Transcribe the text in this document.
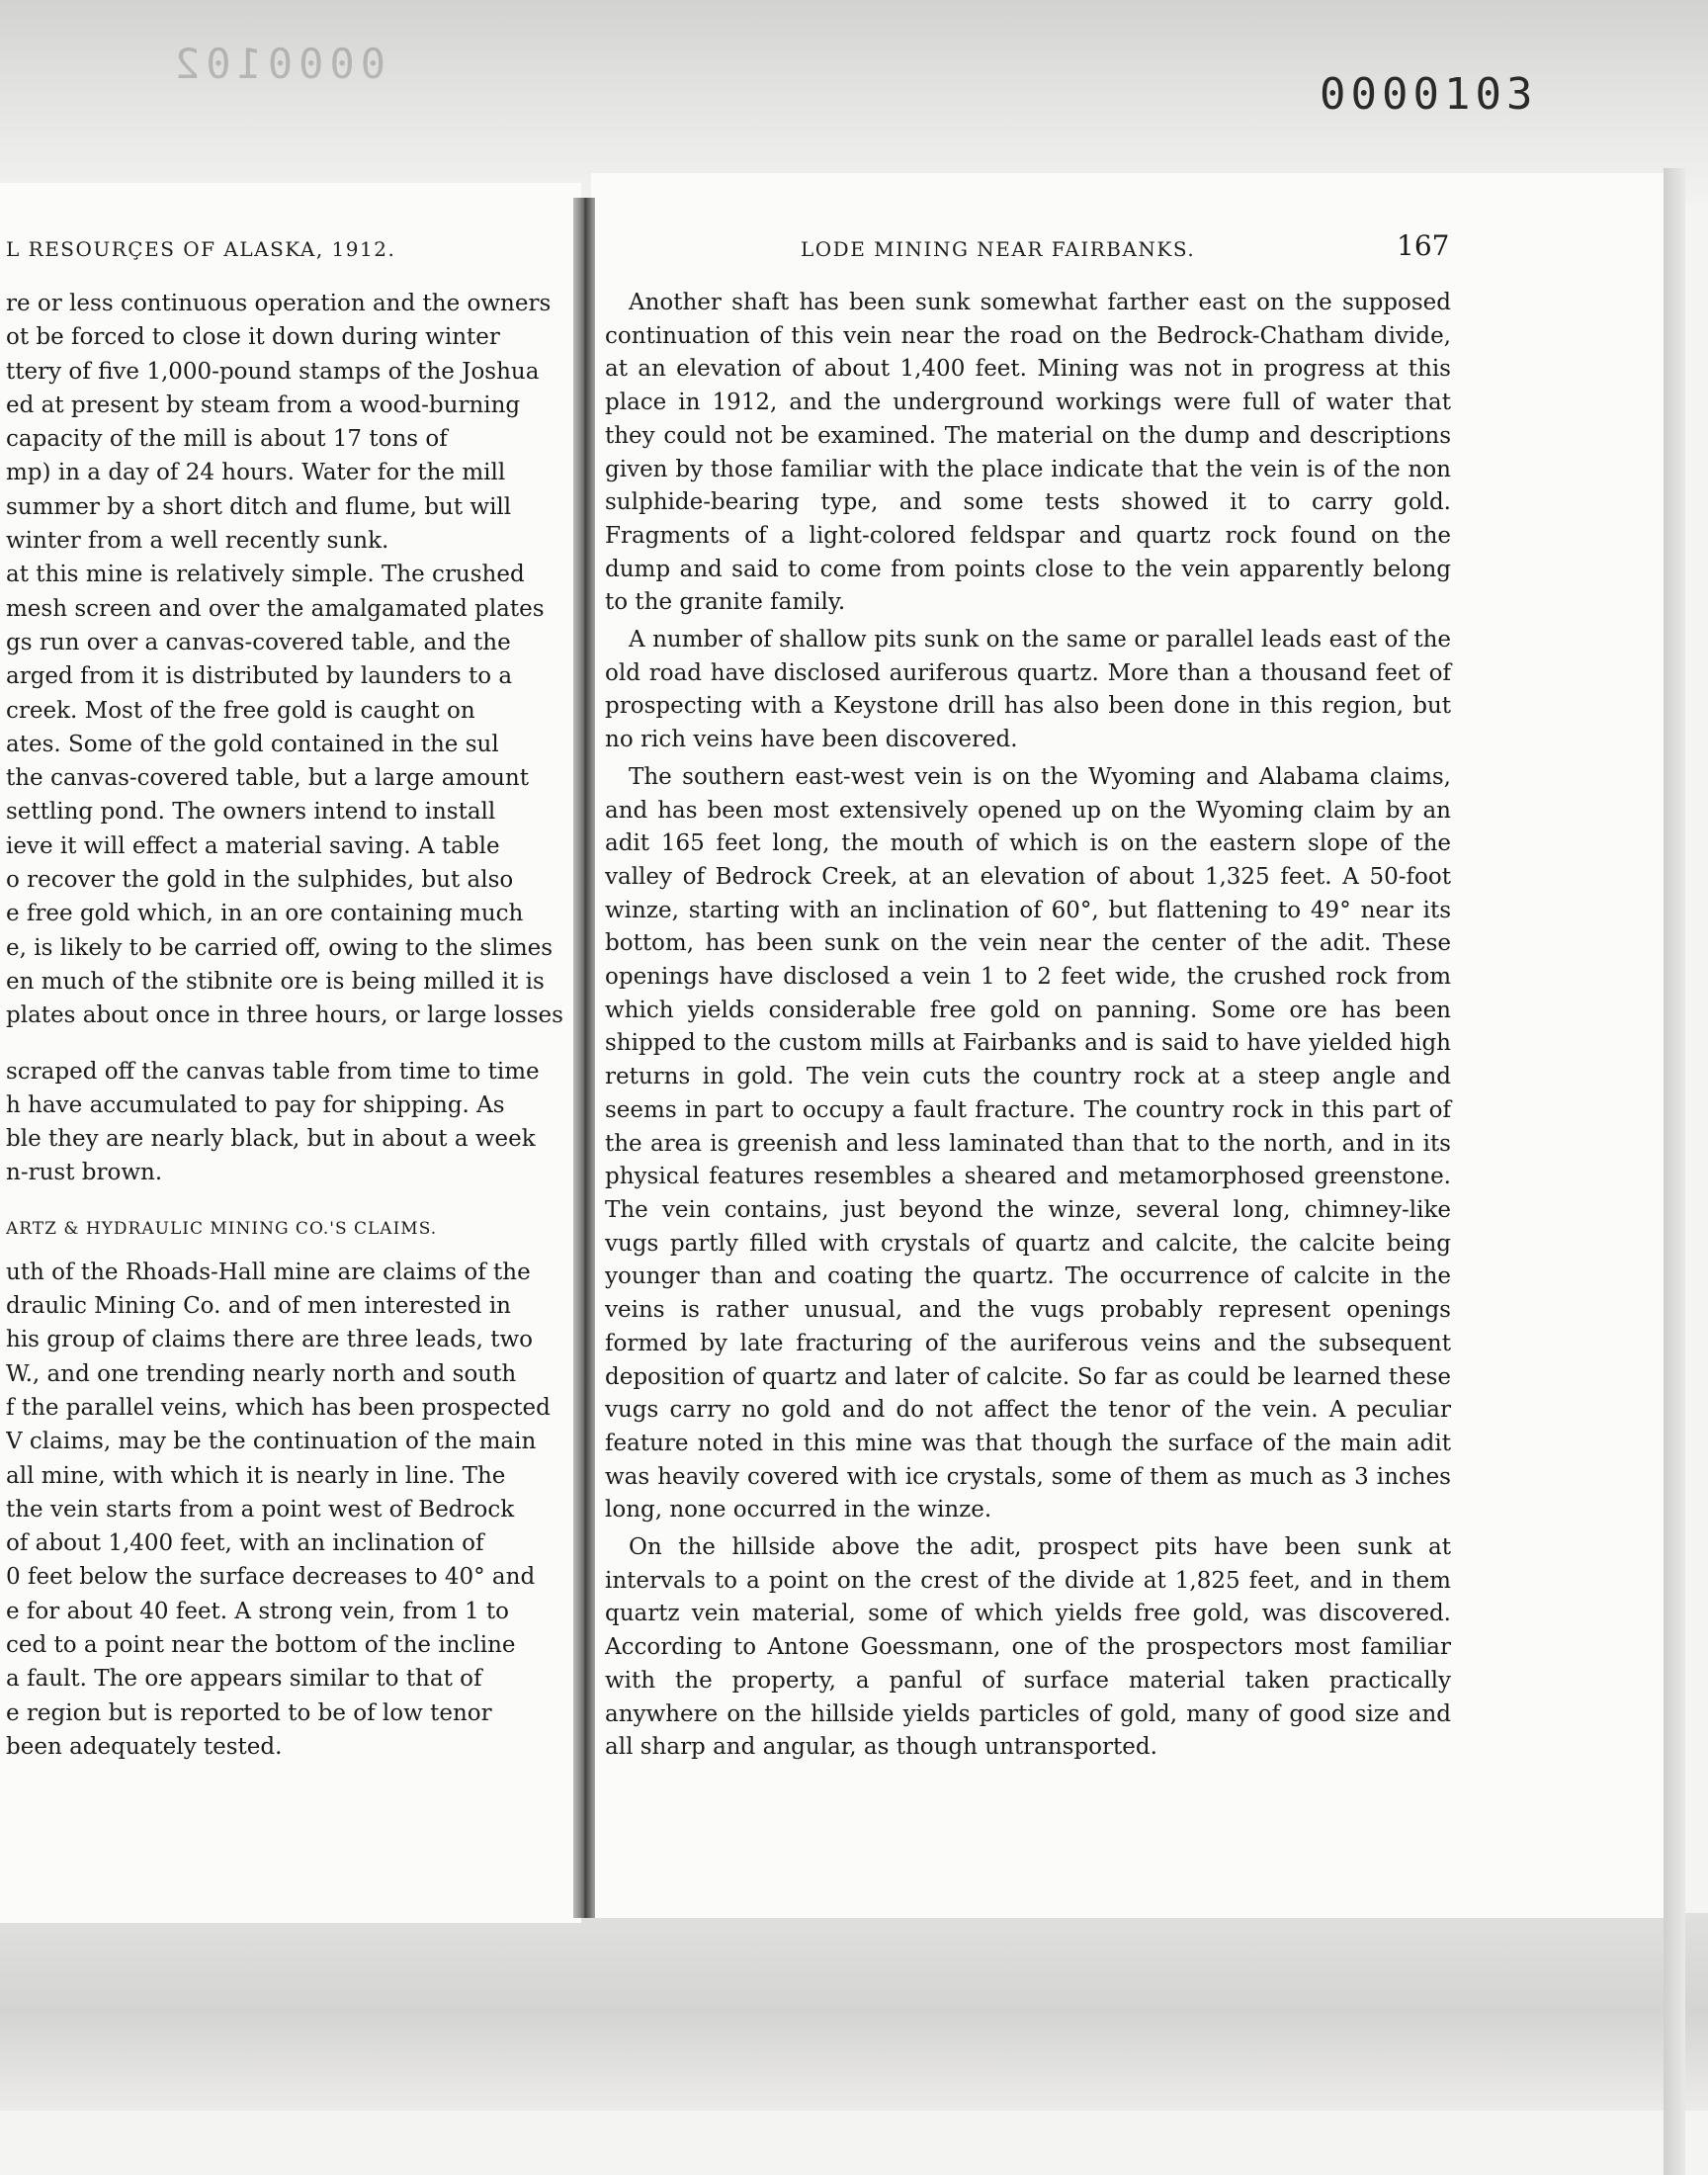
0000102
0000103
L RESOURÇES OF ALASKA, 1912.	LODE MINING NEAR FAIRBANKS.	167
re or less continuous operation and the owners
ot be forced to close it down during winter
ttery of five 1,000-pound stamps of the Joshua
ed at present by steam from a wood-burning
capacity of the mill is about 17 tons of
mp) in a day of 24 hours. Water for the mill
summer by a short ditch and flume, but will
winter from a well recently sunk.
at this mine is relatively simple. The crushed
mesh screen and over the amalgamated plates
gs run over a canvas-covered table, and the
arged from it is distributed by launders to a
creek. Most of the free gold is caught on
ates. Some of the gold contained in the sul
the canvas-covered table, but a large amount
settling pond. The owners intend to install
ieve it will effect a material saving. A table
o recover the gold in the sulphides, but also
e free gold which, in an ore containing much
e, is likely to be carried off, owing to the slimes
en much of the stibnite ore is being milled it is
plates about once in three hours, or large losses
scraped off the canvas table from time to time
h have accumulated to pay for shipping. As
ble they are nearly black, but in about a week
n-rust brown.
ARTZ & HYDRAULIC MINING CO.'S CLAIMS.
uth of the Rhoads-Hall mine are claims of the
draulic Mining Co. and of men interested in
his group of claims there are three leads, two
W., and one trending nearly north and south
f the parallel veins, which has been prospected
V claims, may be the continuation of the main
all mine, with which it is nearly in line. The
the vein starts from a point west of Bedrock
of about 1,400 feet, with an inclination of
0 feet below the surface decreases to 40° and
e for about 40 feet. A strong vein, from 1 to
ced to a point near the bottom of the incline
a fault. The ore appears similar to that of
e region but is reported to be of low tenor
been adequately tested.

Another shaft has been sunk somewhat farther east on the supposed continuation of this vein near the road on the Bedrock-Chatham divide, at an elevation of about 1,400 feet. Mining was not in progress at this place in 1912, and the underground workings were full of water that they could not be examined. The material on the dump and descriptions given by those familiar with the place indicate that the vein is of the non sulphide-bearing type, and some tests showed it to carry gold. Fragments of a light-colored feldspar and quartz rock found on the dump and said to come from points close to the vein apparently belong to the granite family.

A number of shallow pits sunk on the same or parallel leads east of the old road have disclosed auriferous quartz. More than a thousand feet of prospecting with a Keystone drill has also been done in this region, but no rich veins have been discovered.

The southern east-west vein is on the Wyoming and Alabama claims, and has been most extensively opened up on the Wyoming claim by an adit 165 feet long, the mouth of which is on the eastern slope of the valley of Bedrock Creek, at an elevation of about 1,325 feet. A 50-foot winze, starting with an inclination of 60°, but flattening to 49° near its bottom, has been sunk on the vein near the center of the adit. These openings have disclosed a vein 1 to 2 feet wide, the crushed rock from which yields considerable free gold on panning. Some ore has been shipped to the custom mills at Fairbanks and is said to have yielded high returns in gold. The vein cuts the country rock at a steep angle and seems in part to occupy a fault fracture. The country rock in this part of the area is greenish and less laminated than that to the north, and in its physical features resembles a sheared and metamorphosed greenstone. The vein contains, just beyond the winze, several long, chimney-like vugs partly filled with crystals of quartz and calcite, the calcite being younger than and coating the quartz. The occurrence of calcite in the veins is rather unusual, and the vugs probably represent openings formed by late fracturing of the auriferous veins and the subsequent deposition of quartz and later of calcite. So far as could be learned these vugs carry no gold and do not affect the tenor of the vein. A peculiar feature noted in this mine was that though the surface of the main adit was heavily covered with ice crystals, some of them as much as 3 inches long, none occurred in the winze.

On the hillside above the adit, prospect pits have been sunk at intervals to a point on the crest of the divide at 1,825 feet, and in them quartz vein material, some of which yields free gold, was discovered. According to Antone Goessmann, one of the prospectors most familiar with the property, a panful of surface material taken practically anywhere on the hillside yields particles of gold, many of good size and all sharp and angular, as though untransported.
